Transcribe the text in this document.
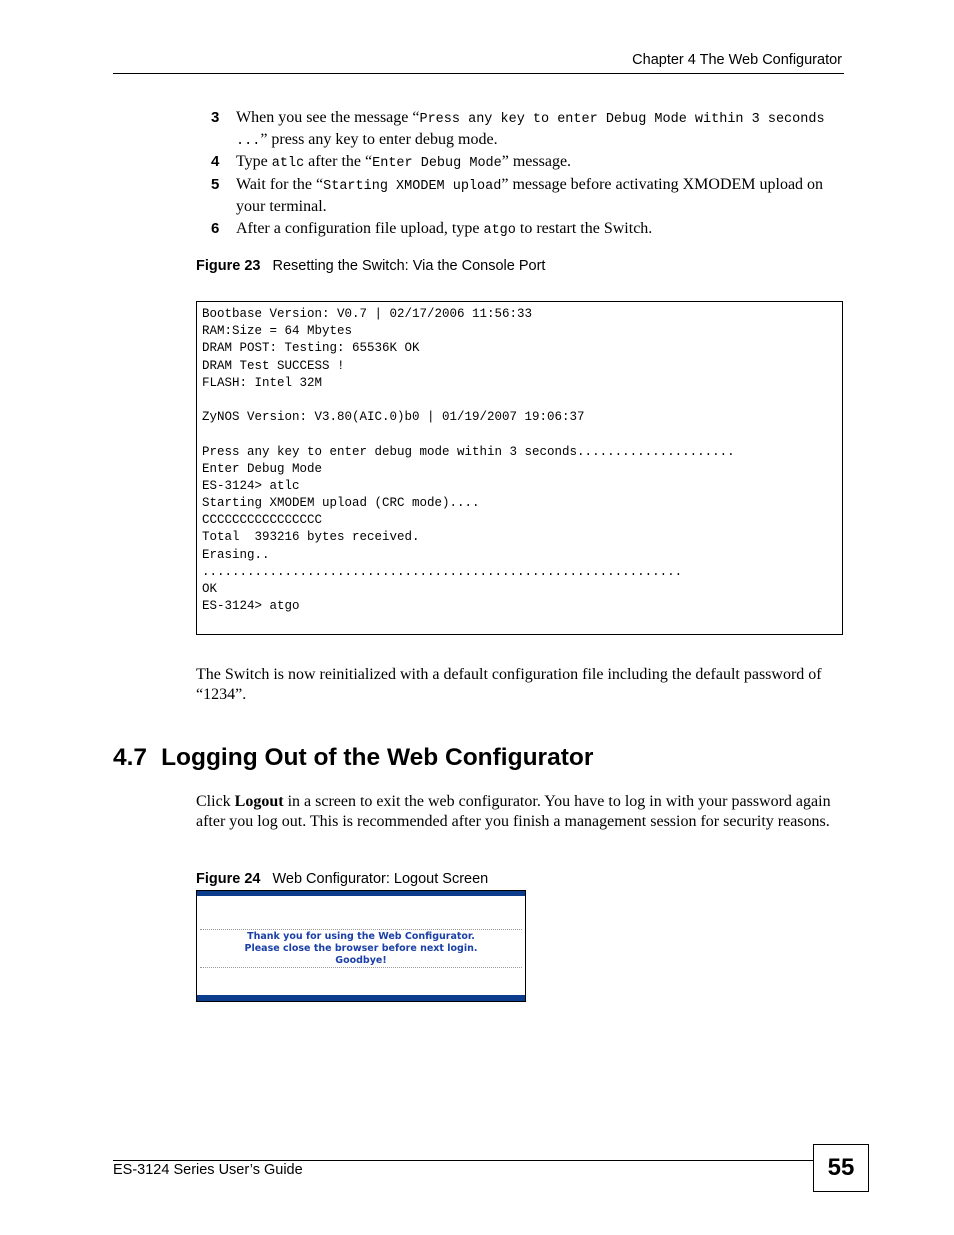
Chapter 4 The Web Configurator
3	When you see the message “Press any key to enter Debug Mode within 3 seconds ...” press any key to enter debug mode.
4	Type atlc after the “Enter Debug Mode” message.
5	Wait for the “Starting XMODEM upload” message before activating XMODEM upload on your terminal.
6	After a configuration file upload, type atgo to restart the Switch.
Figure 23 Resetting the Switch: Via the Console Port
Bootbase Version: V0.7 | 02/17/2006 11:56:33
RAM:Size = 64 Mbytes
DRAM POST: Testing: 65536K OK
DRAM Test SUCCESS !
FLASH: Intel 32M
ZyNOS Version: V3.80(AIC.0)b0 | 01/19/2007 19:06:37
Press any key to enter debug mode within 3 seconds.....................
Enter Debug Mode
ES-3124> atlc
Starting XMODEM upload (CRC mode)....
CCCCCCCCCCCCCCCC
Total  393216 bytes received.
Erasing..
................................................................
OK
ES-3124> atgo
The Switch is now reinitialized with a default configuration file including the default password of “1234”.
4.7 Logging Out of the Web Configurator
Click Logout in a screen to exit the web configurator. You have to log in with your password again after you log out. This is recommended after you finish a management session for security reasons.
Figure 24 Web Configurator: Logout Screen
Thank you for using the Web Configurator.
Please close the browser before next login.
Goodbye!
ES-3124 Series User’s Guide	55
